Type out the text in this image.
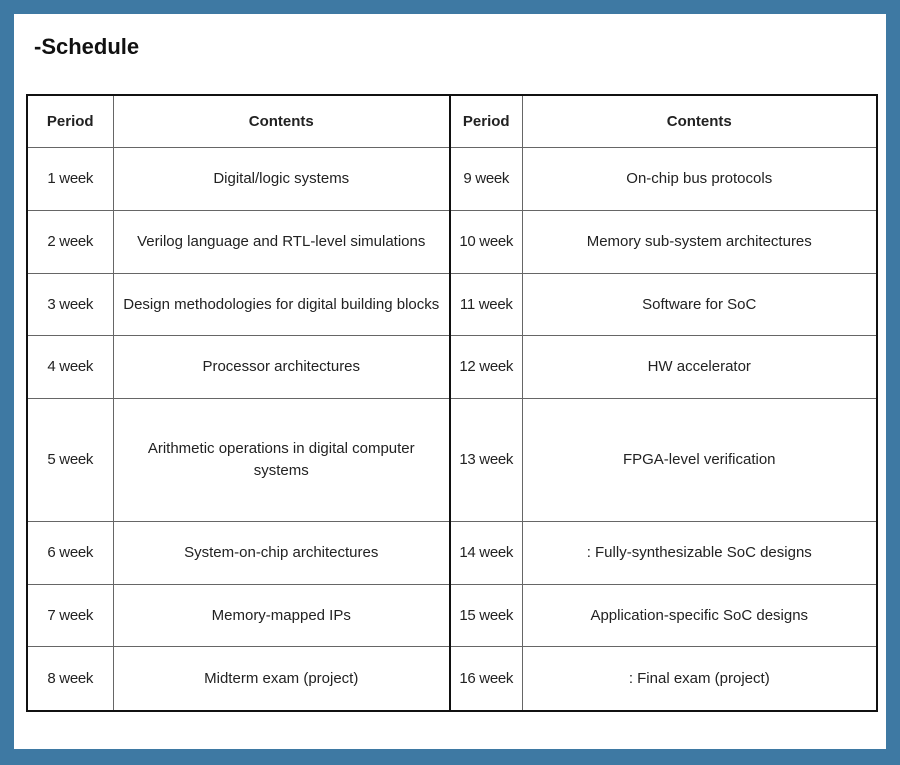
-Schedule
Period	Contents	Period	Contents
1 week	Digital/logic systems	9 week	On-chip bus protocols
2 week	Verilog language and RTL-level simulations	10 week	Memory sub-system architectures
3 week	Design methodologies for digital building blocks	11 week	Software for SoC
4 week	Processor architectures	12 week	HW accelerator
5 week	Arithmetic operations in digital computer systems	13 week	FPGA-level verification
6 week	System-on-chip architectures	14 week	: Fully-synthesizable SoC designs
7 week	Memory-mapped IPs	15 week	Application-specific SoC designs
8 week	Midterm exam (project)	16 week	: Final exam (project)
